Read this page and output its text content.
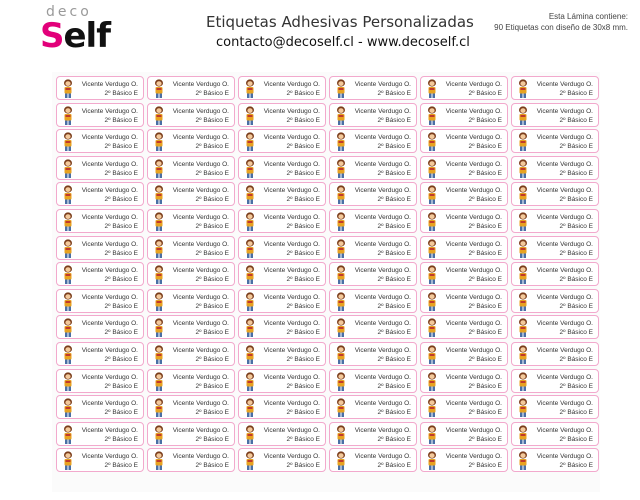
deco
Self	Etiquetas Adhesivas Personalizadas
contacto@decoself.cl - www.decoself.cl
Esta Lámina contiene:
90 Etiquetas con diseño de 30x8 mm.
Vicente Verdugo O.
2º Básico E
Vicente Verdugo O.
2º Básico E
Vicente Verdugo O.
2º Básico E
Vicente Verdugo O.
2º Básico E
Vicente Verdugo O.
2º Básico E
Vicente Verdugo O.
2º Básico E
Vicente Verdugo O.
2º Básico E
Vicente Verdugo O.
2º Básico E
Vicente Verdugo O.
2º Básico E
Vicente Verdugo O.
2º Básico E
Vicente Verdugo O.
2º Básico E
Vicente Verdugo O.
2º Básico E
Vicente Verdugo O.
2º Básico E
Vicente Verdugo O.
2º Básico E
Vicente Verdugo O.
2º Básico E
Vicente Verdugo O.
2º Básico E
Vicente Verdugo O.
2º Básico E
Vicente Verdugo O.
2º Básico E
Vicente Verdugo O.
2º Básico E
Vicente Verdugo O.
2º Básico E
Vicente Verdugo O.
2º Básico E
Vicente Verdugo O.
2º Básico E
Vicente Verdugo O.
2º Básico E
Vicente Verdugo O.
2º Básico E
Vicente Verdugo O.
2º Básico E
Vicente Verdugo O.
2º Básico E
Vicente Verdugo O.
2º Básico E
Vicente Verdugo O.
2º Básico E
Vicente Verdugo O.
2º Básico E
Vicente Verdugo O.
2º Básico E
Vicente Verdugo O.
2º Básico E
Vicente Verdugo O.
2º Básico E
Vicente Verdugo O.
2º Básico E
Vicente Verdugo O.
2º Básico E
Vicente Verdugo O.
2º Básico E
Vicente Verdugo O.
2º Básico E
Vicente Verdugo O.
2º Básico E
Vicente Verdugo O.
2º Básico E
Vicente Verdugo O.
2º Básico E
Vicente Verdugo O.
2º Básico E
Vicente Verdugo O.
2º Básico E
Vicente Verdugo O.
2º Básico E
Vicente Verdugo O.
2º Básico E
Vicente Verdugo O.
2º Básico E
Vicente Verdugo O.
2º Básico E
Vicente Verdugo O.
2º Básico E
Vicente Verdugo O.
2º Básico E
Vicente Verdugo O.
2º Básico E
Vicente Verdugo O.
2º Básico E
Vicente Verdugo O.
2º Básico E
Vicente Verdugo O.
2º Básico E
Vicente Verdugo O.
2º Básico E
Vicente Verdugo O.
2º Básico E
Vicente Verdugo O.
2º Básico E
Vicente Verdugo O.
2º Básico E
Vicente Verdugo O.
2º Básico E
Vicente Verdugo O.
2º Básico E
Vicente Verdugo O.
2º Básico E
Vicente Verdugo O.
2º Básico E
Vicente Verdugo O.
2º Básico E
Vicente Verdugo O.
2º Básico E
Vicente Verdugo O.
2º Básico E
Vicente Verdugo O.
2º Básico E
Vicente Verdugo O.
2º Básico E
Vicente Verdugo O.
2º Básico E
Vicente Verdugo O.
2º Básico E
Vicente Verdugo O.
2º Básico E
Vicente Verdugo O.
2º Básico E
Vicente Verdugo O.
2º Básico E
Vicente Verdugo O.
2º Básico E
Vicente Verdugo O.
2º Básico E
Vicente Verdugo O.
2º Básico E
Vicente Verdugo O.
2º Básico E
Vicente Verdugo O.
2º Básico E
Vicente Verdugo O.
2º Básico E
Vicente Verdugo O.
2º Básico E
Vicente Verdugo O.
2º Básico E
Vicente Verdugo O.
2º Básico E
Vicente Verdugo O.
2º Básico E
Vicente Verdugo O.
2º Básico E
Vicente Verdugo O.
2º Básico E
Vicente Verdugo O.
2º Básico E
Vicente Verdugo O.
2º Básico E
Vicente Verdugo O.
2º Básico E
Vicente Verdugo O.
2º Básico E
Vicente Verdugo O.
2º Básico E
Vicente Verdugo O.
2º Básico E
Vicente Verdugo O.
2º Básico E
Vicente Verdugo O.
2º Básico E
Vicente Verdugo O.
2º Básico E
